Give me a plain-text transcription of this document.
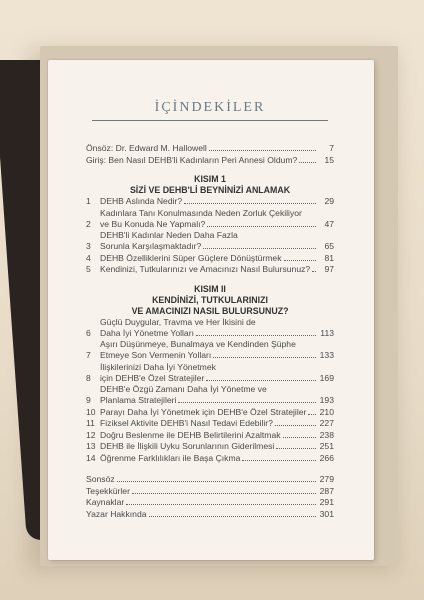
İÇİNDEKİLER
Önsöz: Dr. Edward M. Hallowell	7
Giriş: Ben Nasıl DEHB'li Kadınların Peri Annesi Oldum?	15
KISIM 1
SİZİ VE DEHB'Lİ BEYNİNİZİ ANLAMAK
1	DEHB Aslında Nedir?	29
2
Kadınlara Tanı Konulmasında Neden Zorluk Çekiliyor
ve Bu Konuda Ne Yapmalı?	47
3
DEHB'li Kadınlar Neden Daha Fazla
Sorunla Karşılaşmaktadır?	65
4	DEHB Özelliklerini Süper Güçlere Dönüştürmek	81
5	Kendinizi, Tutkularınızı ve Amacınızı Nasıl Bulursunuz?	97
KISIM II
KENDİNİZİ, TUTKULARINIZI
VE AMACINIZI NASIL BULURSUNUZ?
6
Güçlü Duygular, Travma ve Her İkisini de
Daha İyi Yönetme Yolları	113
7
Aşırı Düşünmeye, Bunalmaya ve Kendinden Şüphe
Etmeye Son Vermenin Yolları	133
8
İlişkilerinizi Daha İyi Yönetmek
için DEHB'e Özel Stratejiler	169
9
DEHB'e Özgü Zamanı Daha İyi Yönetme ve
Planlama Stratejileri	193
10 Parayı Daha İyi Yönetmek için DEHB'e Özel Stratejiler 210
11 Fiziksel Aktivite DEHB'i Nasıl Tedavi Edebilir?	227
12 Doğru Beslenme ile DEHB Belirtilerini Azaltmak	238
13 DEHB ile İlişkili Uyku Sorunlarının Giderilmesi	251
14 Öğrenme Farklılıkları ile Başa Çıkma	266
Sonsöz	279
Teşekkürler	287
Kaynaklar	291
Yazar Hakkında	301
